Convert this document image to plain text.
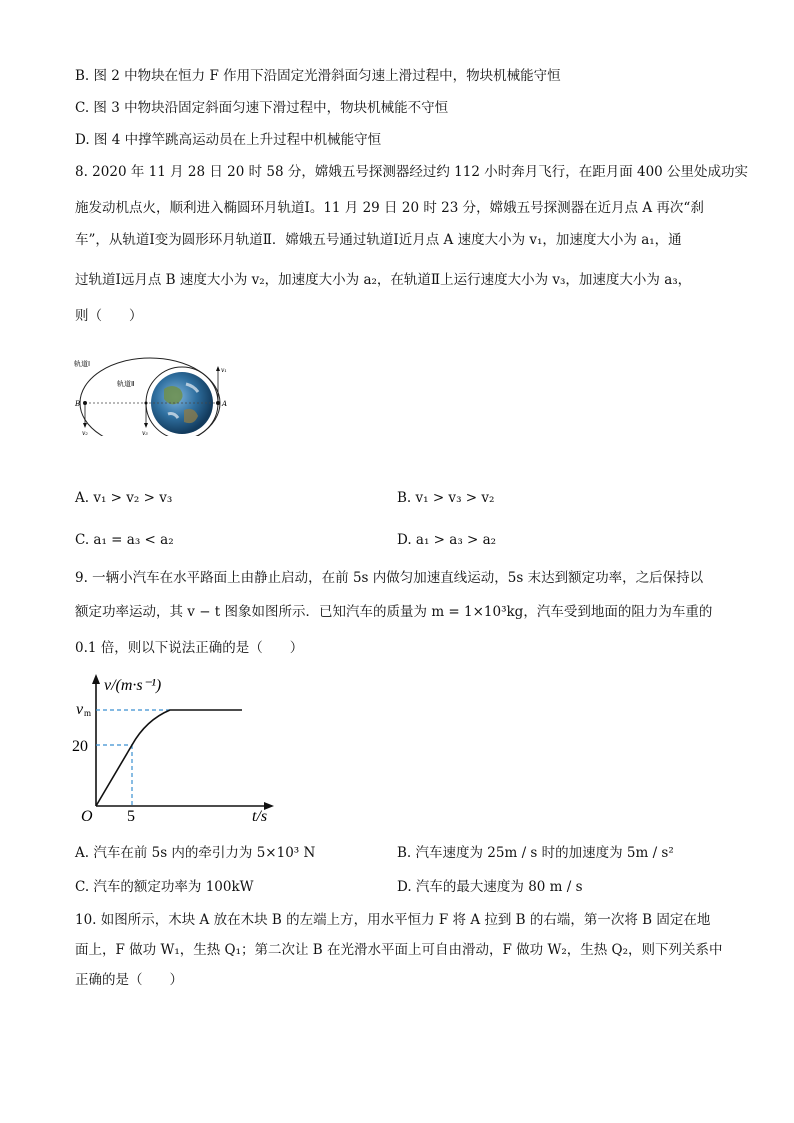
B. 图 2 中物块在恒力 F 作用下沿固定光滑斜面匀速上滑过程中，物块机械能守恒
C. 图 3 中物块沿固定斜面匀速下滑过程中，物块机械能不守恒
D. 图 4 中撑竿跳高运动员在上升过程中机械能守恒
8. 2020 年 11 月 28 日 20 时 58 分，嫦娥五号探测器经过约 112 小时奔月飞行，在距月面 400 公里处成功实
施发动机点火，顺利进入椭圆环月轨道Ⅰ。11 月 29 日 20 时 23 分，嫦娥五号探测器在近月点 A 再次“刹
车”，从轨道Ⅰ变为圆形环月轨道Ⅱ．嫦娥五号通过轨道Ⅰ近月点 A 速度大小为 v₁，加速度大小为 a₁，通
过轨道Ⅰ远月点 B 速度大小为 v₂，加速度大小为 a₂，在轨道Ⅱ上运行速度大小为 v₃，加速度大小为 a₃，
则（　　）
轨道Ⅰ
轨道Ⅱ
A
B
v₁
v₂	v₃
A. v₁ > v₂ > v₃	B. v₁ > v₃ > v₂
C. a₁ = a₃ < a₂	D. a₁ > a₃ > a₂
9. 一辆小汽车在水平路面上由静止启动，在前 5s 内做匀加速直线运动，5s 末达到额定功率，之后保持以
额定功率运动，其 v − t 图象如图所示．已知汽车的质量为 m = 1×10³kg，汽车受到地面的阻力为车重的
0.1 倍，则以下说法正确的是（　　）
v/(m·s⁻¹)
v m
20
O 5	t/s
A. 汽车在前 5s 内的牵引力为 5×10³ N	B. 汽车速度为 25m / s 时的加速度为 5m / s²
C. 汽车的额定功率为 100kW	D. 汽车的最大速度为 80 m / s
10. 如图所示，木块 A 放在木块 B 的左端上方，用水平恒力 F 将 A 拉到 B 的右端，第一次将 B 固定在地
面上，F 做功 W₁，生热 Q₁；第二次让 B 在光滑水平面上可自由滑动，F 做功 W₂，生热 Q₂，则下列关系中
正确的是（　　）
